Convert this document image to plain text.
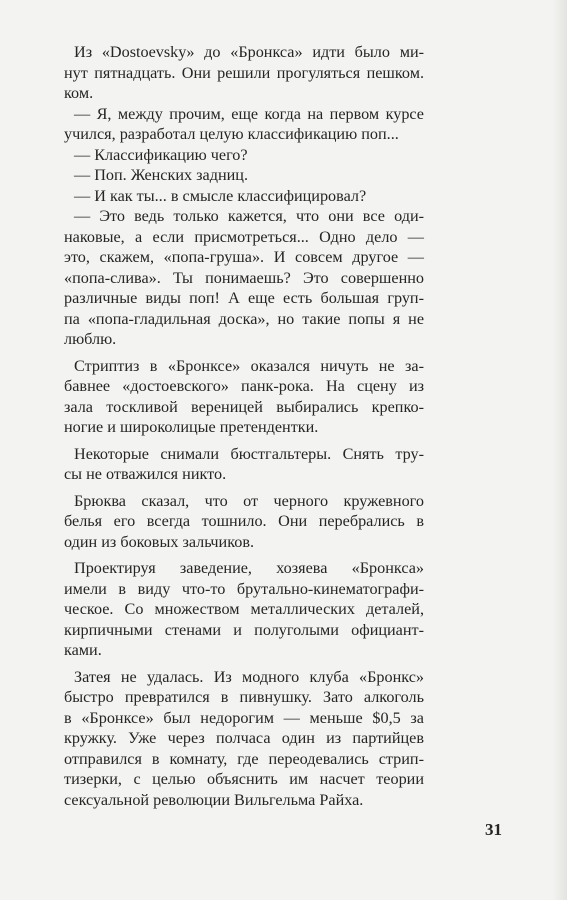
Из «Dostoevsky» до «Бронкса» идти было ми-
нут пятнадцать. Они решили прогуляться пешком.
ком.
— Я, между прочим, еще когда на первом курсе
учился, разработал целую классификацию поп...
— Классификацию чего?
— Поп. Женских задниц.
— И как ты... в смысле классифицировал?
— Это ведь только кажется, что они все оди-
наковые, а если присмотреться... Одно дело —
это, скажем, «попа-груша». И совсем другое —
«попа-слива». Ты понимаешь? Это совершенно
различные виды поп! А еще есть большая груп-
па «попа-гладильная доска», но такие попы я не
люблю.
Стриптиз в «Бронксе» оказался ничуть не за-
бавнее «достоевского» панк-рока. На сцену из
зала тоскливой вереницей выбирались крепко-
ногие и широколицые претендентки.
Некоторые снимали бюстгальтеры. Снять тру-
сы не отважился никто.
Брюква сказал, что от черного кружевного
белья его всегда тошнило. Они перебрались в
один из боковых зальчиков.
Проектируя заведение, хозяева «Бронкса»
имели в виду что-то брутально-кинематографи-
ческое. Со множеством металлических деталей,
кирпичными стенами и полуголыми официант-
ками.
Затея не удалась. Из модного клуба «Бронкс»
быстро превратился в пивнушку. Зато алкоголь
в «Бронксе» был недорогим — меньше $0,5 за
кружку. Уже через полчаса один из партийцев
отправился в комнату, где переодевались стрип-
тизерки, с целью объяснить им насчет теории
сексуальной революции Вильгельма Райха.
31
